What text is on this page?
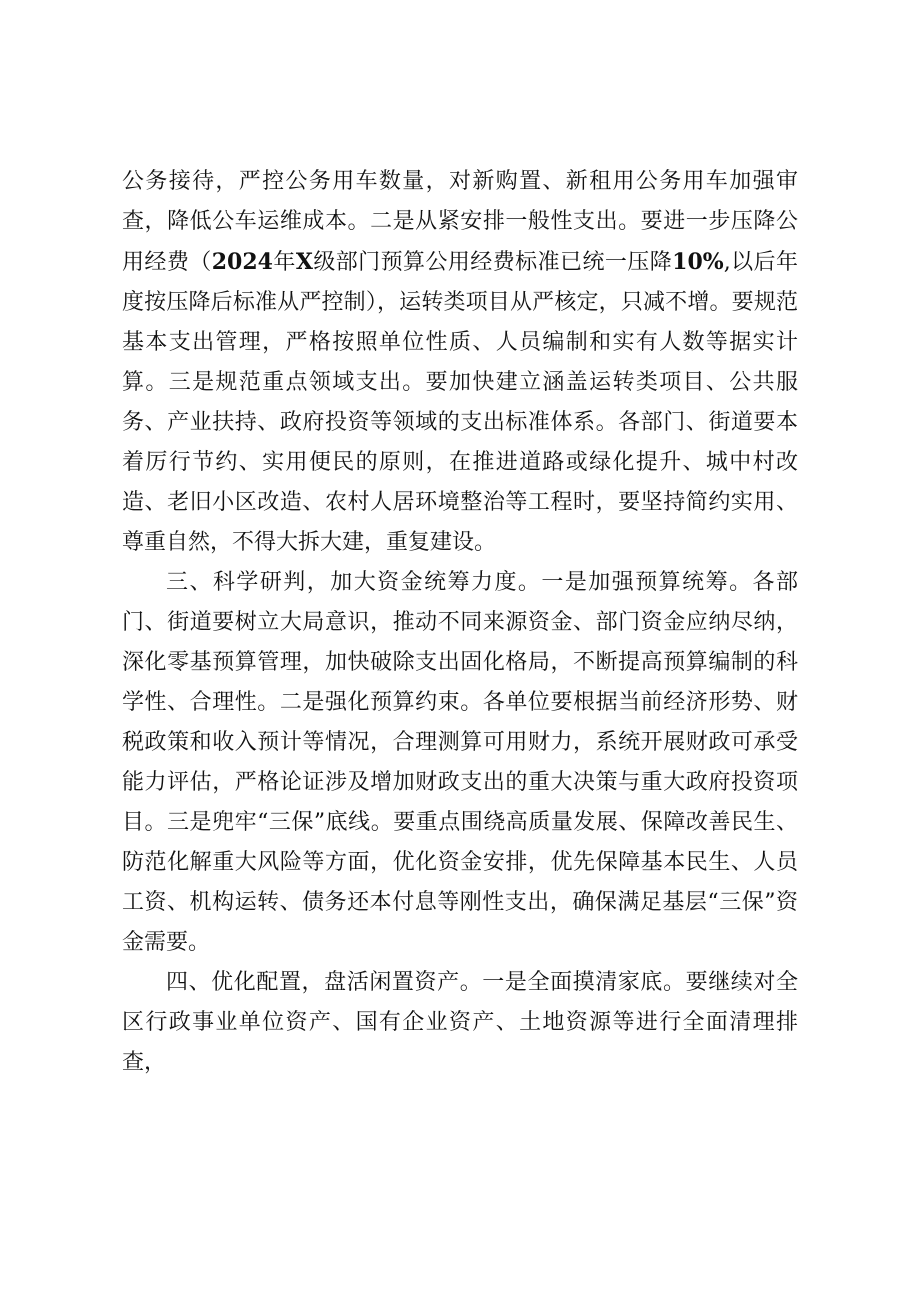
公务接待，严控公务用车数量，对新购置、新租用公务用车加强审查，降低公车运维成本。二是从紧安排一般性支出。要进一步压降公用经费（2024年X级部门预算公用经费标准已统一压降10%,以后年度按压降后标准从严控制），运转类项目从严核定，只减不增。要规范基本支出管理，严格按照单位性质、人员编制和实有人数等据实计算。三是规范重点领域支出。要加快建立涵盖运转类项目、公共服务、产业扶持、政府投资等领域的支出标准体系。各部门、街道要本着厉行节约、实用便民的原则，在推进道路或绿化提升、城中村改造、老旧小区改造、农村人居环境整治等工程时，要坚持简约实用、尊重自然，不得大拆大建，重复建设。

三、科学研判，加大资金统筹力度。一是加强预算统筹。各部门、街道要树立大局意识，推动不同来源资金、部门资金应纳尽纳，深化零基预算管理，加快破除支出固化格局，不断提高预算编制的科学性、合理性。二是强化预算约束。各单位要根据当前经济形势、财税政策和收入预计等情况，合理测算可用财力，系统开展财政可承受能力评估，严格论证涉及增加财政支出的重大决策与重大政府投资项目。三是兜牢“三保”底线。要重点围绕高质量发展、保障改善民生、防范化解重大风险等方面，优化资金安排，优先保障基本民生、人员工资、机构运转、债务还本付息等刚性支出，确保满足基层“三保”资金需要。

四、优化配置，盘活闲置资产。一是全面摸清家底。要继续对全区行政事业单位资产、国有企业资产、土地资源等进行全面清理排查，
